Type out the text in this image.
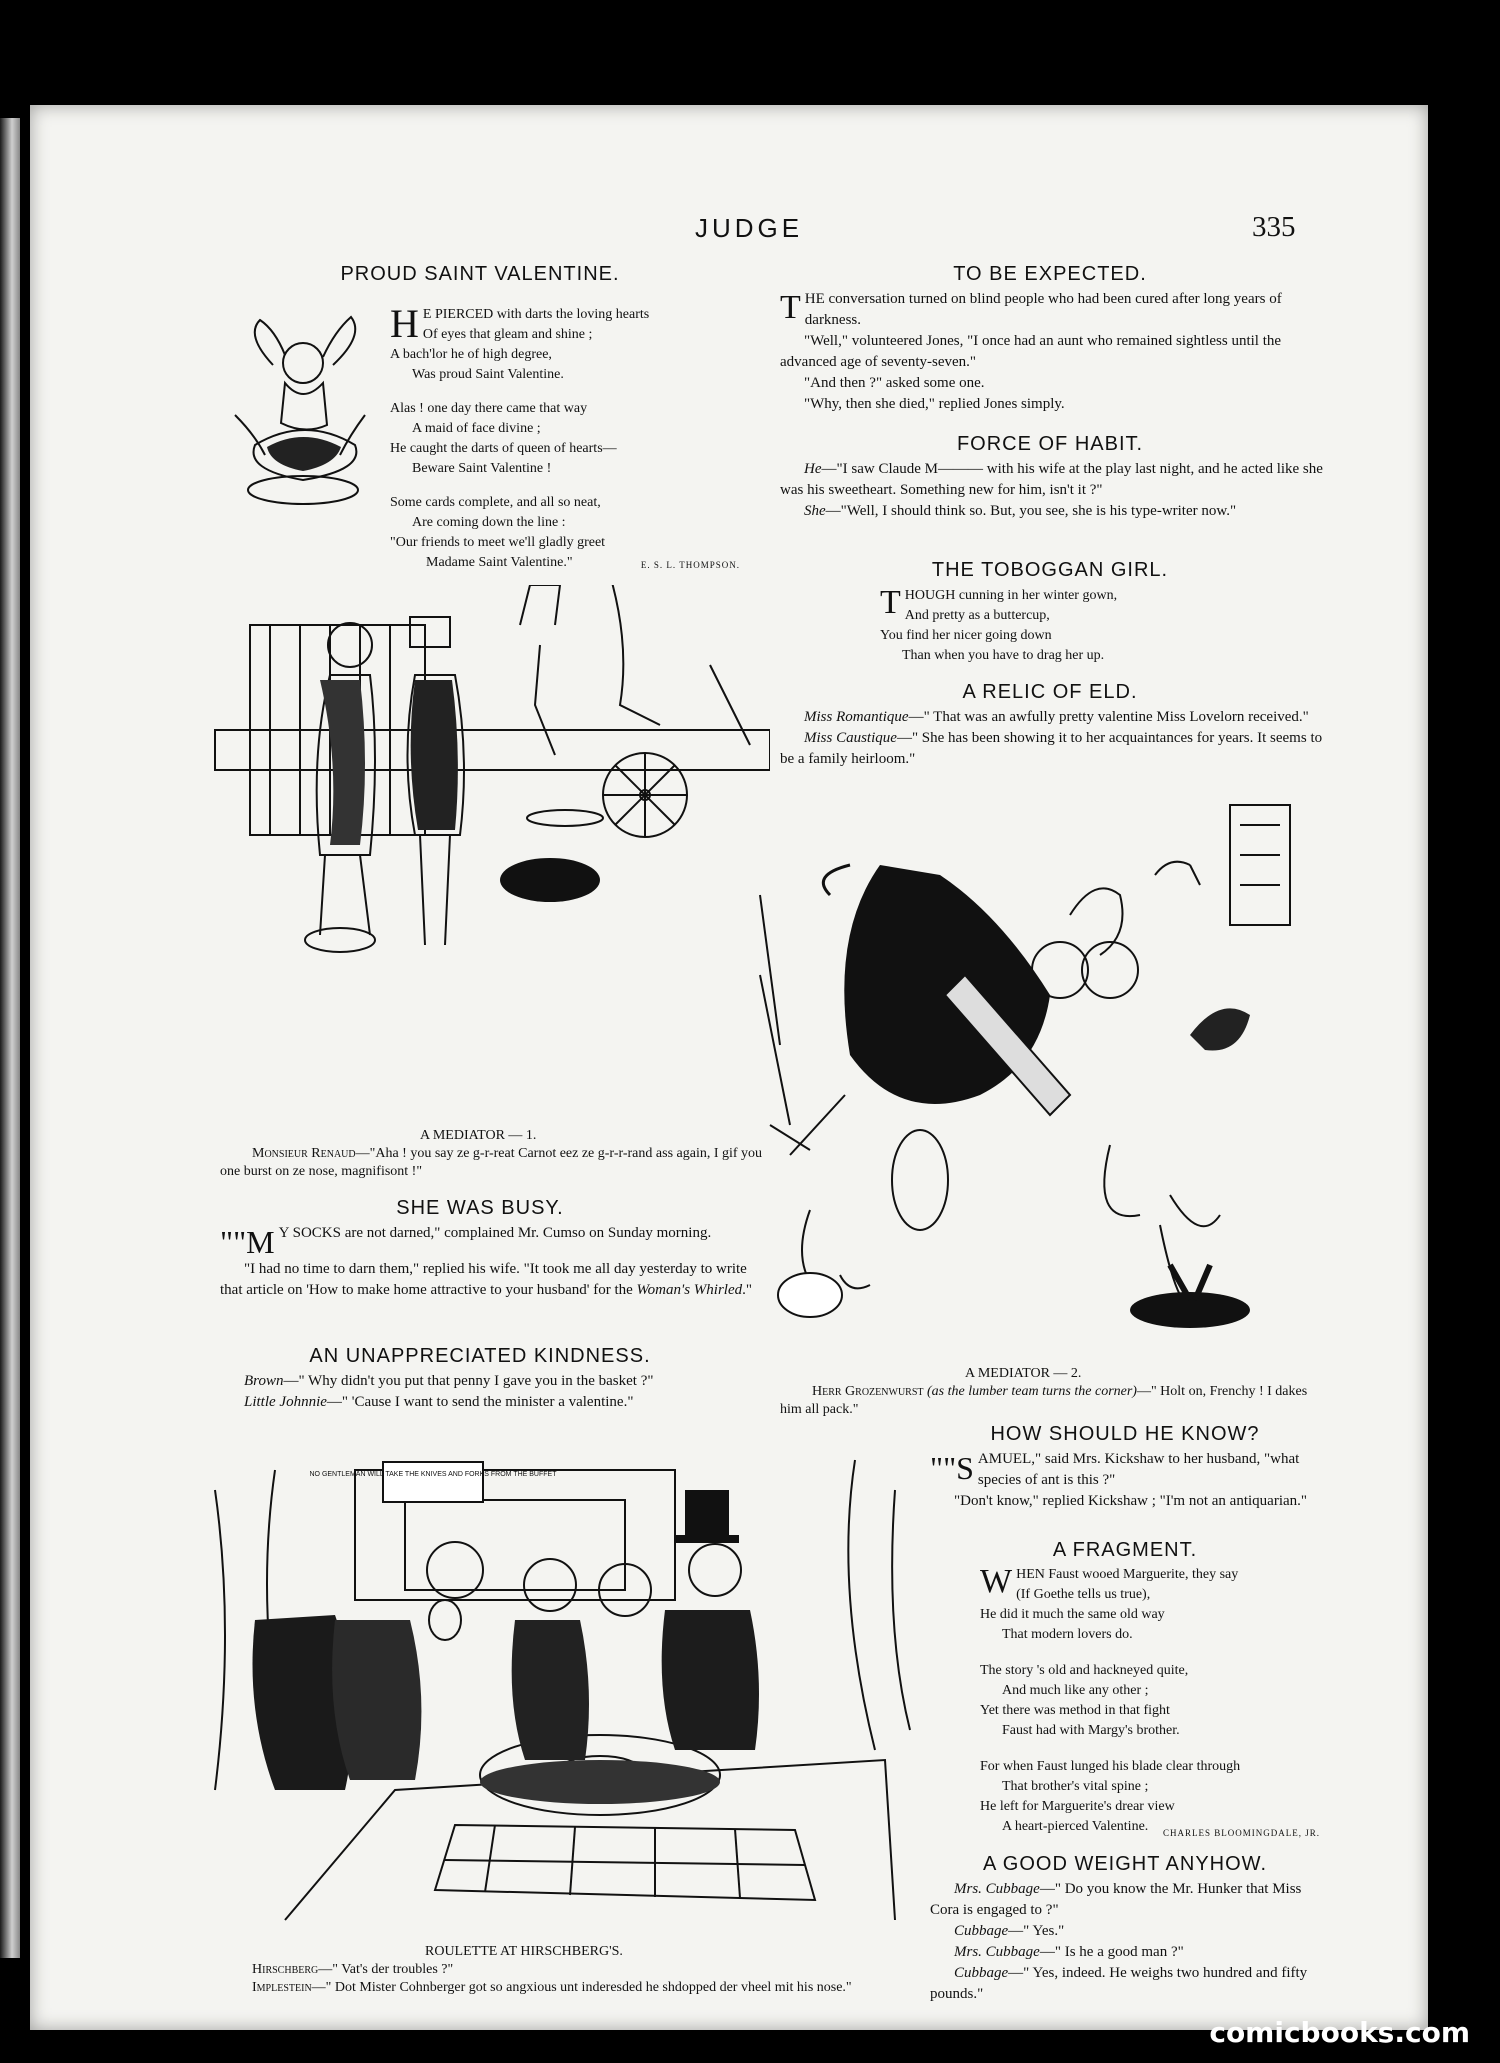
JUDGE	335
PROUD SAINT VALENTINE.
H E PIERCED with darts the loving hearts
Of eyes that gleam and shine ;
A bach'lor he of high degree,
Was proud Saint Valentine.
Alas ! one day there came that way
A maid of face divine ;
He caught the darts of queen of hearts—
Beware Saint Valentine !
Some cards complete, and all so neat,
Are coming down the line :
"Our friends to meet we'll gladly greet
Madame Saint Valentine."	E. S. L. THOMPSON.
A MEDIATOR — 1.
Monsieur Renaud—"Aha ! you say ze g-r-reat Carnot eez ze g-r-r-rand ass again, I gif you one burst on ze nose, magnifisont !"
SHE WAS BUSY.

""M Y SOCKS are not darned," complained Mr. Cumso on Sunday morning.

"I had no time to darn them," replied his wife. "It took me all day yesterday to write that article on 'How to make home attractive to your husband' for the Woman's Whirled."

AN UNAPPRECIATED KINDNESS.

Brown—" Why didn't you put that penny I gave you in the basket ?"

Little Johnnie—" 'Cause I want to send the minister a valentine."

NO GENTLEMAN WILL TAKE THE KNIVES AND FORKS FROM THE BUFFET
ROULETTE AT HIRSCHBERG'S.
Hirschberg—" Vat's der troubles ?"
Implestein—" Dot Mister Cohnberger got so angxious unt inderesded he shdopped der vheel mit his nose."
TO BE EXPECTED.

THE conversation turned on blind people who had been cured after long years of darkness.

"Well," volunteered Jones, "I once had an aunt who remained sightless until the advanced age of seventy-seven."

"And then ?" asked some one.

"Why, then she died," replied Jones simply.

FORCE OF HABIT.

He—"I saw Claude M——— with his wife at the play last night, and he acted like she was his sweetheart. Something new for him, isn't it ?"

She—"Well, I should think so. But, you see, she is his type-writer now."

THE TOBOGGAN GIRL.
THOUGH cunning in her winter gown,
And pretty as a buttercup,
You find her nicer going down
Than when you have to drag her up.
A RELIC OF ELD.

Miss Romantique—" That was an awfully pretty valentine Miss Lovelorn received."

Miss Caustique—" She has been showing it to her acquaintances for years. It seems to be a family heirloom."

A MEDIATOR — 2.
Herr Grozenwurst (as the lumber team turns the corner)—" Holt on, Frenchy ! I dakes him all pack."
HOW SHOULD HE KNOW?

""S AMUEL," said Mrs. Kickshaw to her husband, "what species of ant is this ?"

"Don't know," replied Kickshaw ; "I'm not an antiquarian."

A FRAGMENT.
WHEN Faust wooed Marguerite, they say
(If Goethe tells us true),
He did it much the same old way
That modern lovers do.
The story 's old and hackneyed quite,
And much like any other ;
Yet there was method in that fight
Faust had with Margy's brother.
For when Faust lunged his blade clear through
That brother's vital spine ;
He left for Marguerite's drear view
A heart-pierced Valentine.	CHARLES BLOOMINGDALE, JR.
A GOOD WEIGHT ANYHOW.

Mrs. Cubbage—" Do you know the Mr. Hunker that Miss Cora is engaged to ?"

Cubbage—" Yes."

Mrs. Cubbage—" Is he a good man ?"

Cubbage—" Yes, indeed. He weighs two hundred and fifty pounds."

comicbooks.com
